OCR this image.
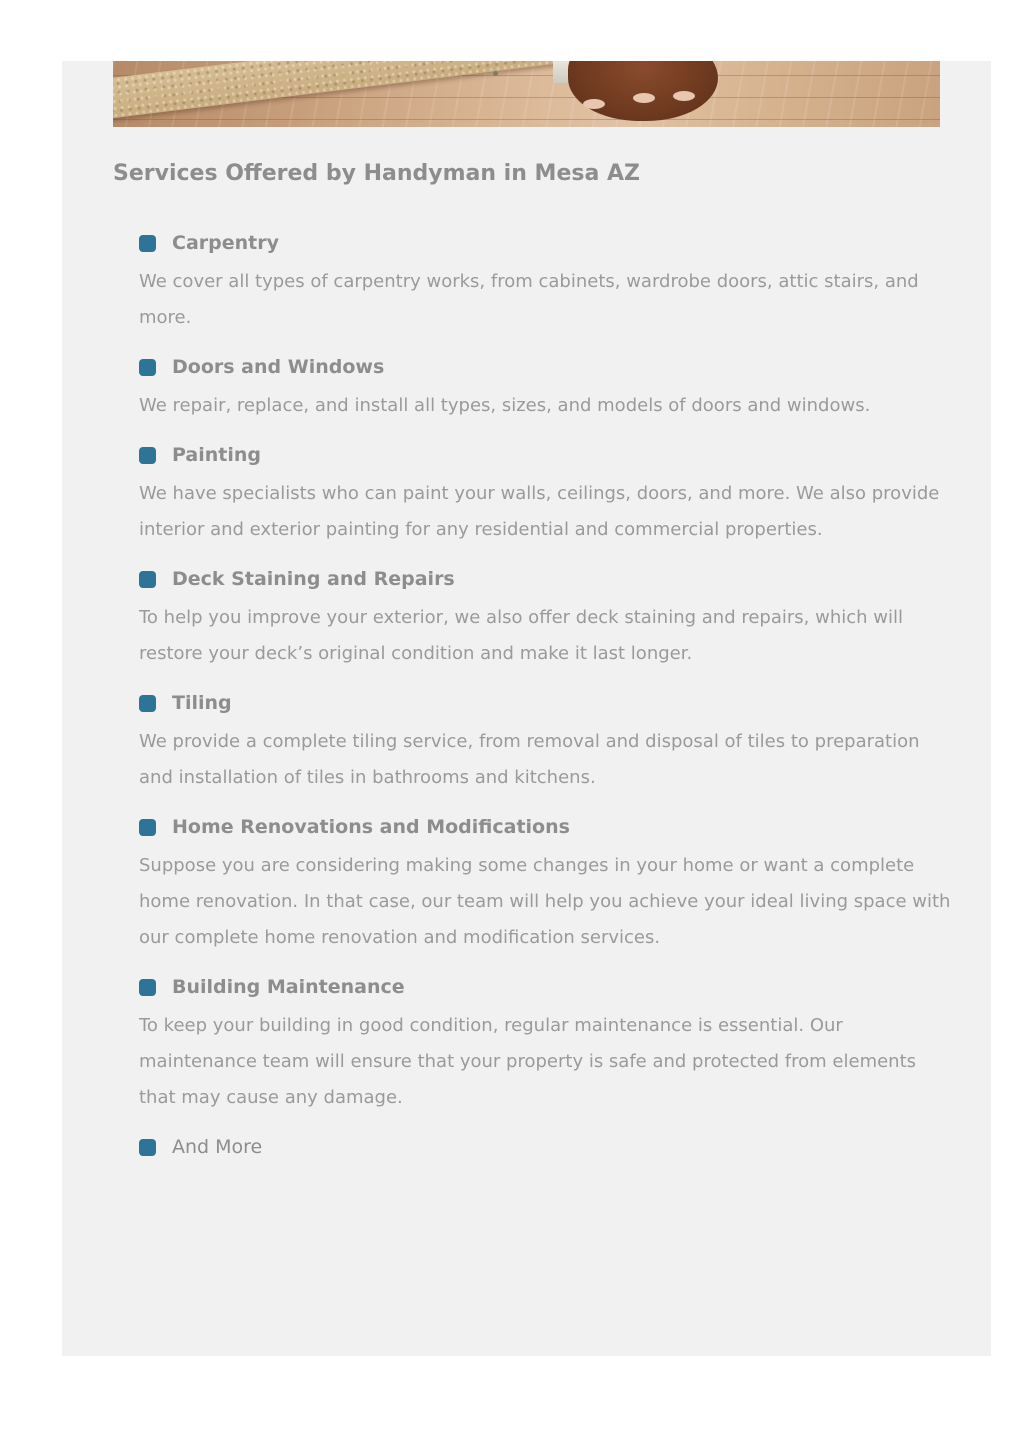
Services Offered by Handyman in Mesa AZ
Carpentry

We cover all types of carpentry works, from cabinets, wardrobe doors, attic stairs, and more.

Doors and Windows

We repair, replace, and install all types, sizes, and models of doors and windows.

Painting

We have specialists who can paint your walls, ceilings, doors, and more. We also provide interior and exterior painting for any residential and commercial properties.

Deck Staining and Repairs

To help you improve your exterior, we also offer deck staining and repairs, which will restore your deck’s original condition and make it last longer.

Tiling

We provide a complete tiling service, from removal and disposal of tiles to preparation and installation of tiles in bathrooms and kitchens.

Home Renovations and Modifications

Suppose you are considering making some changes in your home or want a complete home renovation. In that case, our team will help you achieve your ideal living space with our complete home renovation and modification services.

Building Maintenance

To keep your building in good condition, regular maintenance is essential. Our maintenance team will ensure that your property is safe and protected from elements that may cause any damage.

And More
